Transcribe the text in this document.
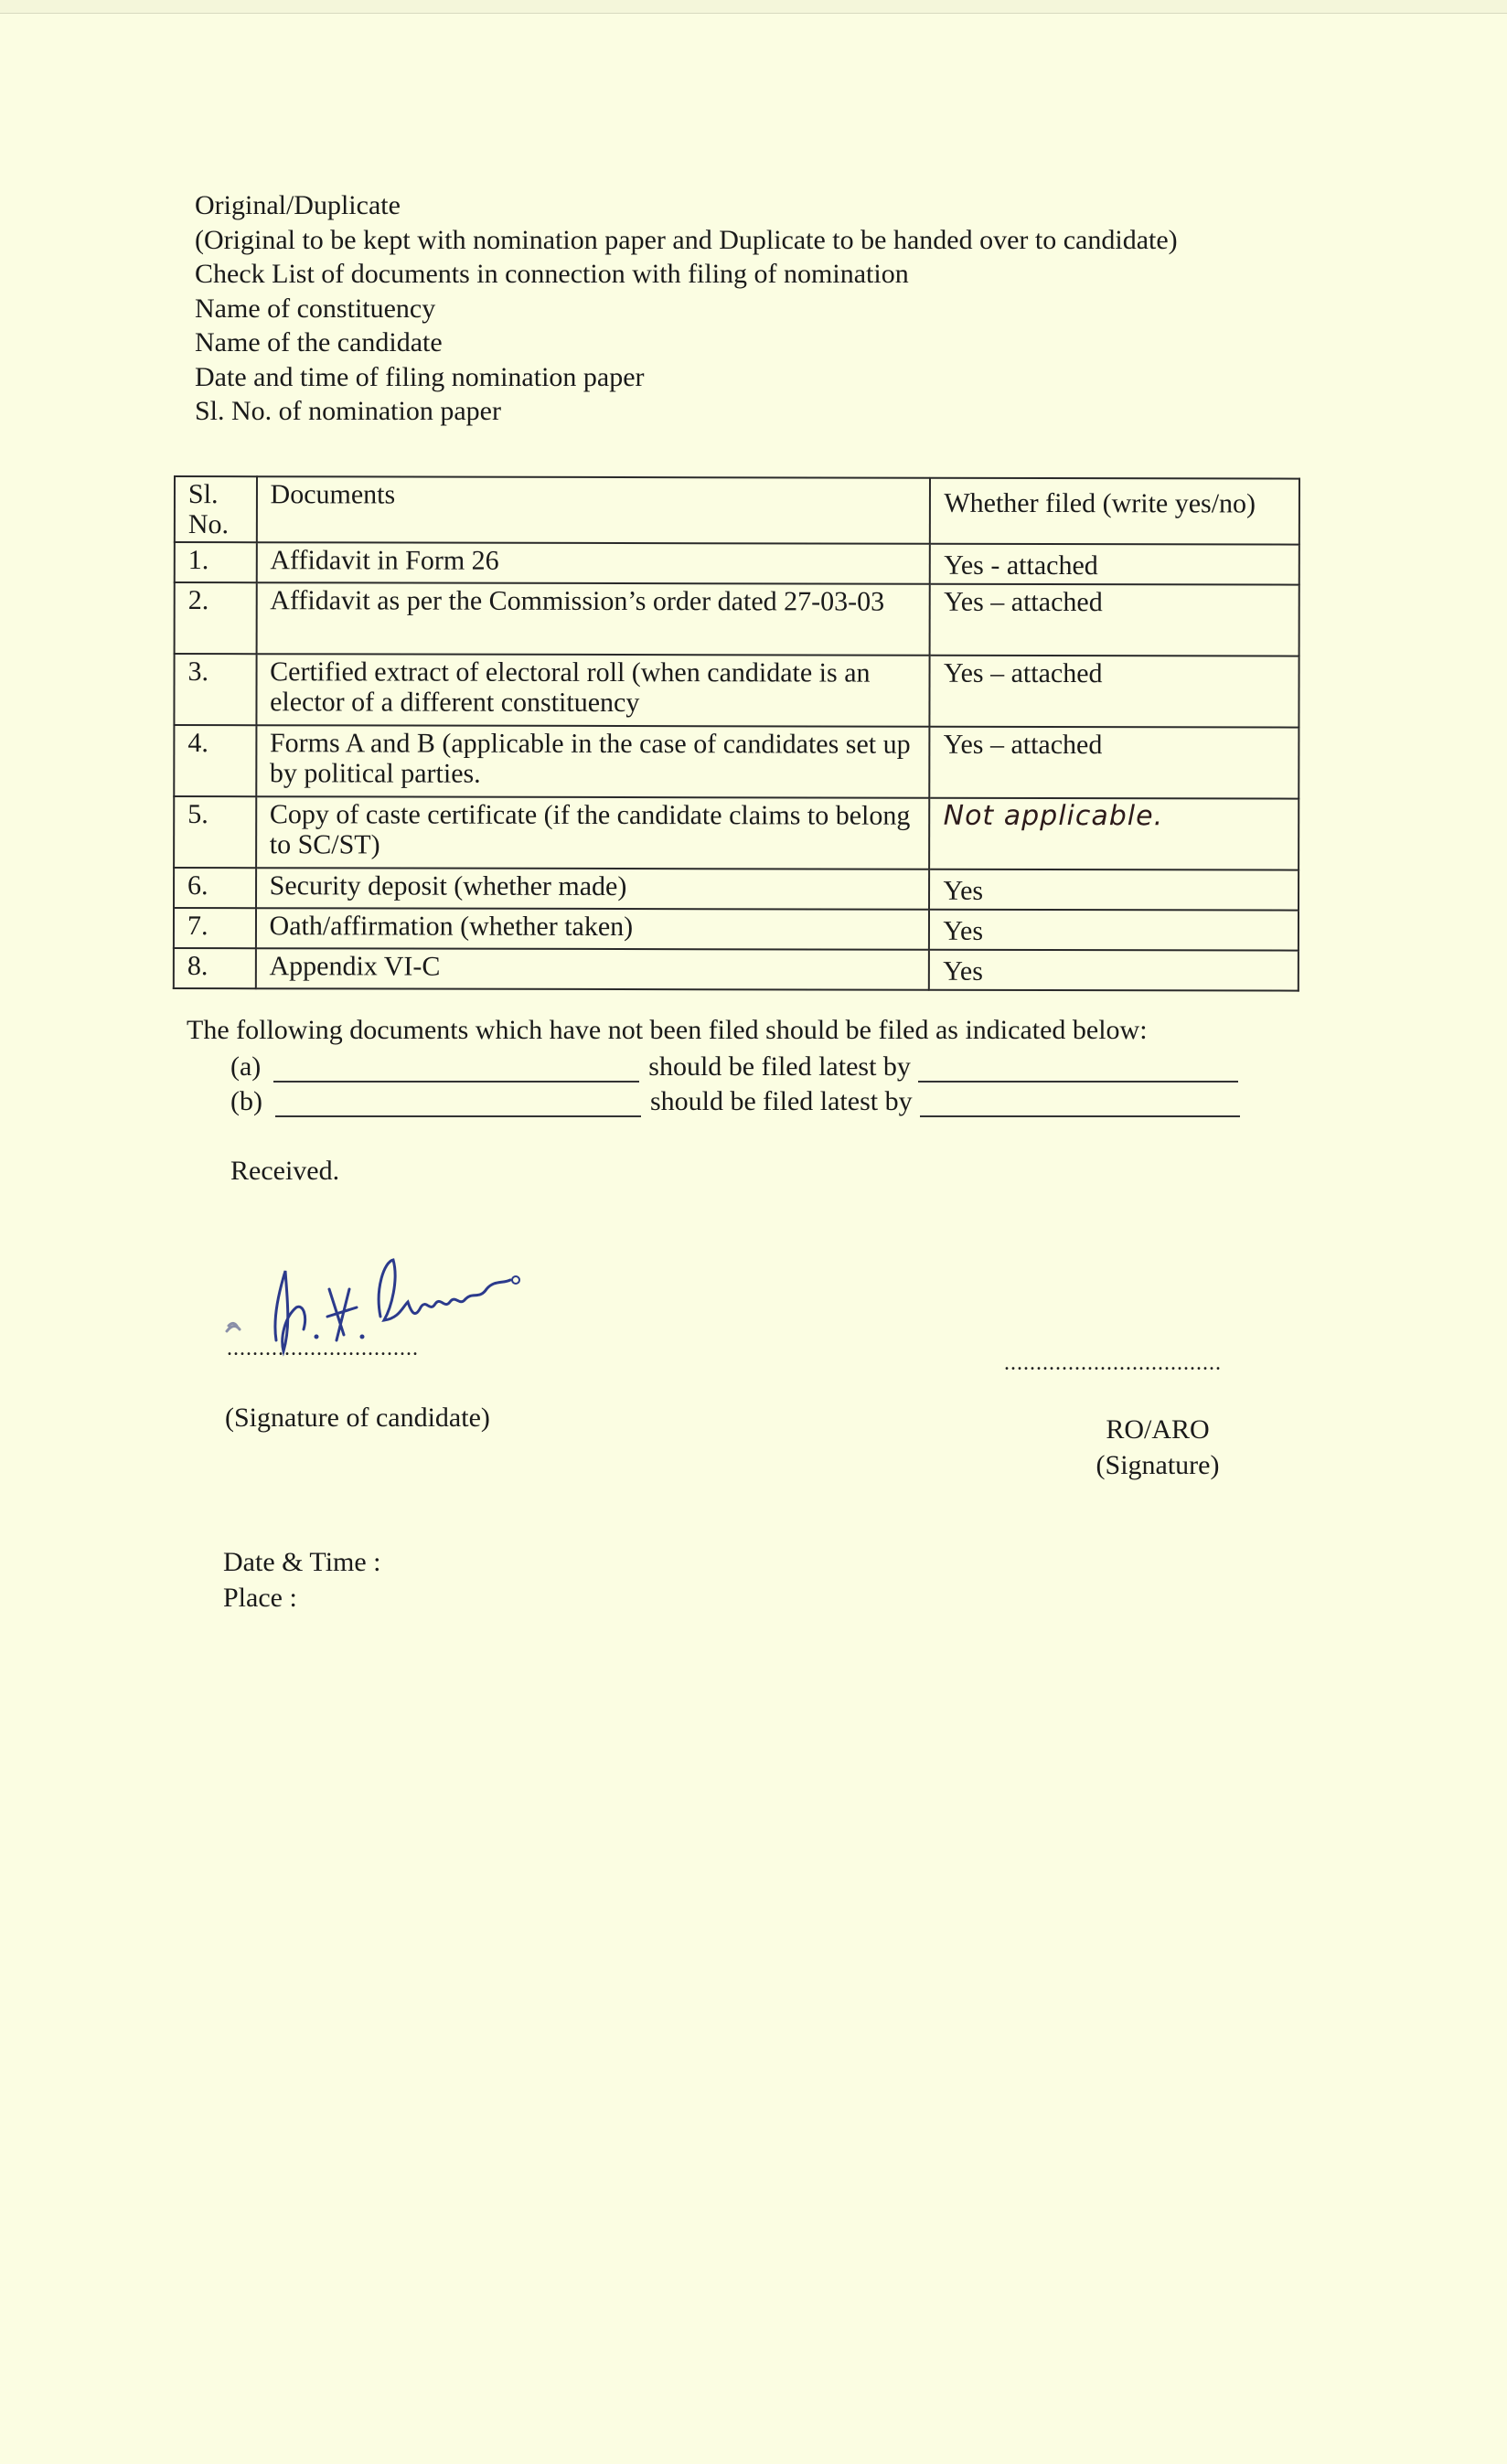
Original/Duplicate
(Original to be kept with nomination paper and Duplicate to be handed over to candidate)
Check List of documents in connection with filing of nomination
Name of constituency
Name of the candidate
Date and time of filing nomination paper
Sl. No. of nomination paper
Sl. No.	Documents	Whether filed (write yes/no)
1.	Affidavit in Form 26	Yes - attached
2.	Affidavit as per the Commission’s order dated 27-03-03	Yes – attached
3.	Certified extract of electoral roll (when candidate is an elector of a different constituency	Yes – attached
4.	Forms A and B (applicable in the case of candidates set up by political parties.	Yes – attached
5.	Copy of caste certificate (if the candidate claims to belong to SC/ST)	Not applicable.
6.	Security deposit (whether made)	Yes
7.	Oath/affirmation (whether taken)	Yes
8.	Appendix VI-C	Yes
The following documents which have not been filed should be filed as indicated below:
(a)	should be filed latest by
(b)	should be filed latest by
Received.
..............................
..................................
(Signature of candidate)	RO/ARO
(Signature)
Date & Time :
Place :
